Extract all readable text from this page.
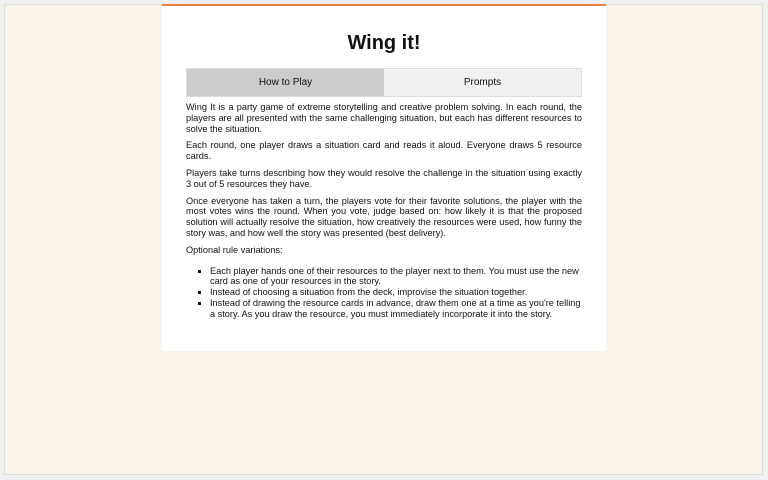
Wing it!
How to Play	Prompts

Wing It is a party game of extreme storytelling and creative problem solving. In each round, the players are all presented with the same challenging situation, but each has different resources to solve the situation.

Each round, one player draws a situation card and reads it aloud. Everyone draws 5 resource cards.

Players take turns describing how they would resolve the challenge in the situation using exactly 3 out of 5 resources they have.

Once everyone has taken a turn, the players vote for their favorite solutions, the player with the most votes wins the round. When you vote, judge based on: how likely it is that the proposed solution will actually resolve the situation, how creatively the resources were used, how funny the story was, and how well the story was presented (best delivery).

Optional rule variations:

▪ Each player hands one of their resources to the player next to them. You must use the new card as one of your resources in the story.
▪ Instead of choosing a situation from the deck, improvise the situation together.
▪ Instead of drawing the resource cards in advance, draw them one at a time as you're telling a story. As you draw the resource, you must immediately incorporate it into the story.
